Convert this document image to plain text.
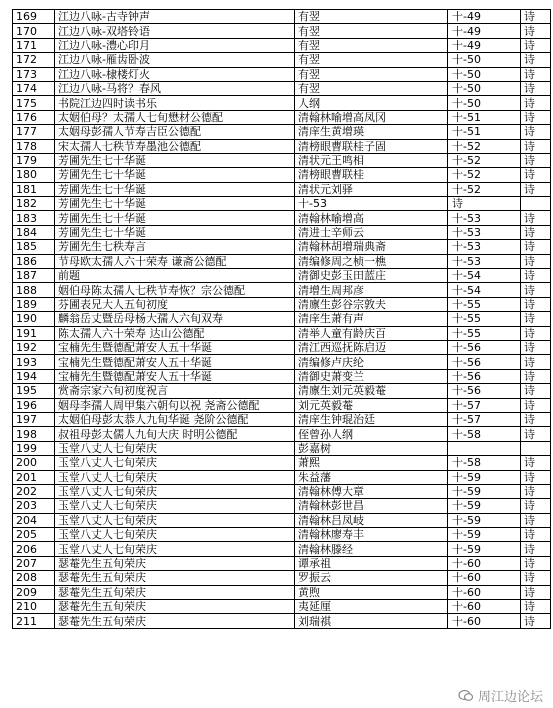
169	江边八咏-古寺钟声	有翌	十-49	诗
170	江边八咏-双塔铃语	有翌	十-49	诗
171	江边八咏-澧心印月	有翌	十-49	诗
172	江边八咏-雁齿卧波	有翌	十-50	诗
173	江边八咏-棣楼灯火	有翌	十-50	诗
174	江边八咏-马将？春风	有翌	十-50	诗
175	书院江边四时读书乐	人纲	十-50	诗
176	太姻伯母？太孺人七旬懋材公德配	清翰林喻增高凤冈	十-51	诗
177	太姻母彭孺人节寿吉臣公德配	清庠生黄增瑛	十-51	诗
178	宋太孺人七秩节寿墨池公德配	清榜眼曹联桂子固	十-52	诗
179	芳圃先生七十华诞	清状元王鸣相	十-52	诗
180	芳圃先生七十华诞	清榜眼曹联桂	十-52	诗
181	芳圃先生七十华诞	清状元刘驿	十-52	诗
182	芳圃先生七十华诞	十-53	诗	
183	芳圃先生七十华诞	清翰林喻增高	十-53	诗
184	芳圃先生七十华诞	清进士辛师云	十-53	诗
185	芳圃先生七秩寿言	清翰林胡增瑞典斋	十-53	诗
186	节母欧太孺人六十荣寿 谦斋公德配	清编修周之桢一樵	十-53	诗
187	前题	清御史彭玉田蓝庄	十-54	诗
188	姻伯母陈太孺人七秩节寿恢？宗公德配	清增生周邦彦	十-54	诗
189	芬圃表兄大人五旬初度	清廪生彭谷宗敦夫	十-55	诗
190	麟翁岳丈暨岳母杨大孺人六旬双寿	清庠生萧有声	十-55	诗
191	陈太孺人六十荣寿 达山公德配	清举人童有龄庆百	十-55	诗
192	宝楠先生暨德配萧安人五十华诞	清江西巡抚陈启迈	十-56	诗
193	宝楠先生暨德配萧安人五十华诞	清编修卢庆纶	十-56	诗
194	宝楠先生暨德配萧安人五十华诞	清御史萧变兰	十-56	诗
195	赏斋宗家六旬初度祝言	清廪生刘元英毅菴	十-56	诗
196	姻母李孺人周甲集六朝句以祝 尧斋公德配	刘元英毅菴	十-57	诗
197	太姻伯母彭太恭人九旬华诞 尧阶公德配	清庠生钟琨治廷	十-57	诗
198	叔祖母彭太儒人九旬大庆 时明公德配	侄曾孙人纲	十-58	诗
199	玉堂八丈人七旬荣庆	彭嘉树		
200	玉堂八丈人七旬荣庆	萧熙	十-58	诗
201	玉堂八丈人七旬荣庆	朱益藩	十-59	诗
202	玉堂八丈人七旬荣庆	清翰林傅大章	十-59	诗
203	玉堂八丈人七旬荣庆	清翰林彭世昌	十-59	诗
204	玉堂八丈人七旬荣庆	清翰林吕凤岐	十-59	诗
205	玉堂八丈人七旬荣庆	清翰林廖寿丰	十-59	诗
206	玉堂八丈人七旬荣庆	清翰林滕经	十-59	诗
207	瑟菴先生五旬荣庆	谭承祖	十-60	诗
208	瑟菴先生五旬荣庆	罗振云	十-60	诗
209	瑟菴先生五旬荣庆	黄煦	十-60	诗
210	瑟菴先生五旬荣庆	夷延厘	十-60	诗
211	瑟菴先生五旬荣庆	刘瑞祺	十-60	诗
周江边论坛
